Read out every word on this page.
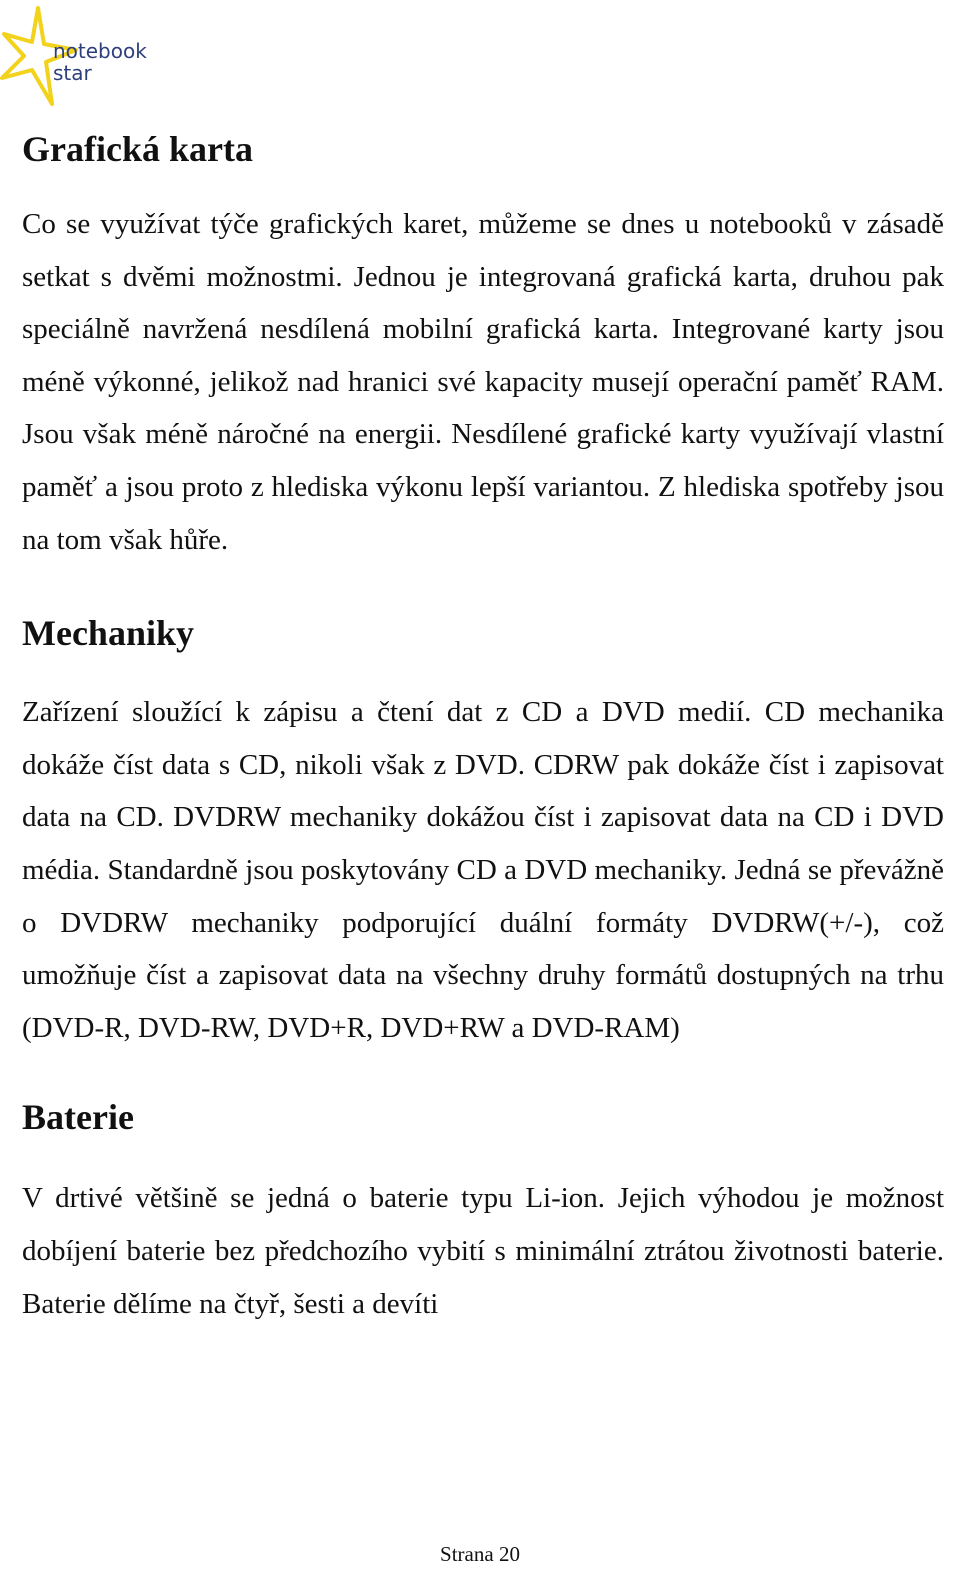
notebook
star
Grafická karta

Co se využívat týče grafických karet, můžeme se dnes u notebooků v zásadě setkat s dvěmi možnostmi. Jednou je integrovaná grafická karta, druhou pak speciálně navržená nesdílená mobilní grafická karta. Integrované karty jsou méně výkonné, jelikož nad hranici své kapacity musejí operační paměť RAM. Jsou však méně náročné na energii. Nesdílené grafické karty využívají vlastní paměť a jsou proto z hlediska výkonu lepší variantou. Z hlediska spotřeby jsou na tom však hůře.

Mechaniky

Zařízení sloužící k zápisu a čtení dat z CD a DVD medií. CD mechanika dokáže číst data s CD, nikoli však z DVD. CDRW pak dokáže číst i zapisovat data na CD. DVDRW mechaniky dokážou číst i zapisovat data na CD i DVD média. Standardně jsou poskytovány CD a DVD mechaniky. Jedná se převážně o DVDRW mechaniky podporující duální formáty DVDRW(+/-), což umožňuje číst a zapisovat data na všechny druhy formátů dostupných na trhu (DVD-R, DVD-RW, DVD+R, DVD+RW a DVD-RAM)

Baterie

V drtivé většině se jedná o baterie typu Li-ion. Jejich výhodou je možnost dobíjení baterie bez předchozího vybití s minimální ztrátou životnosti baterie. Baterie dělíme na čtyř, šesti a devíti

Strana 20
